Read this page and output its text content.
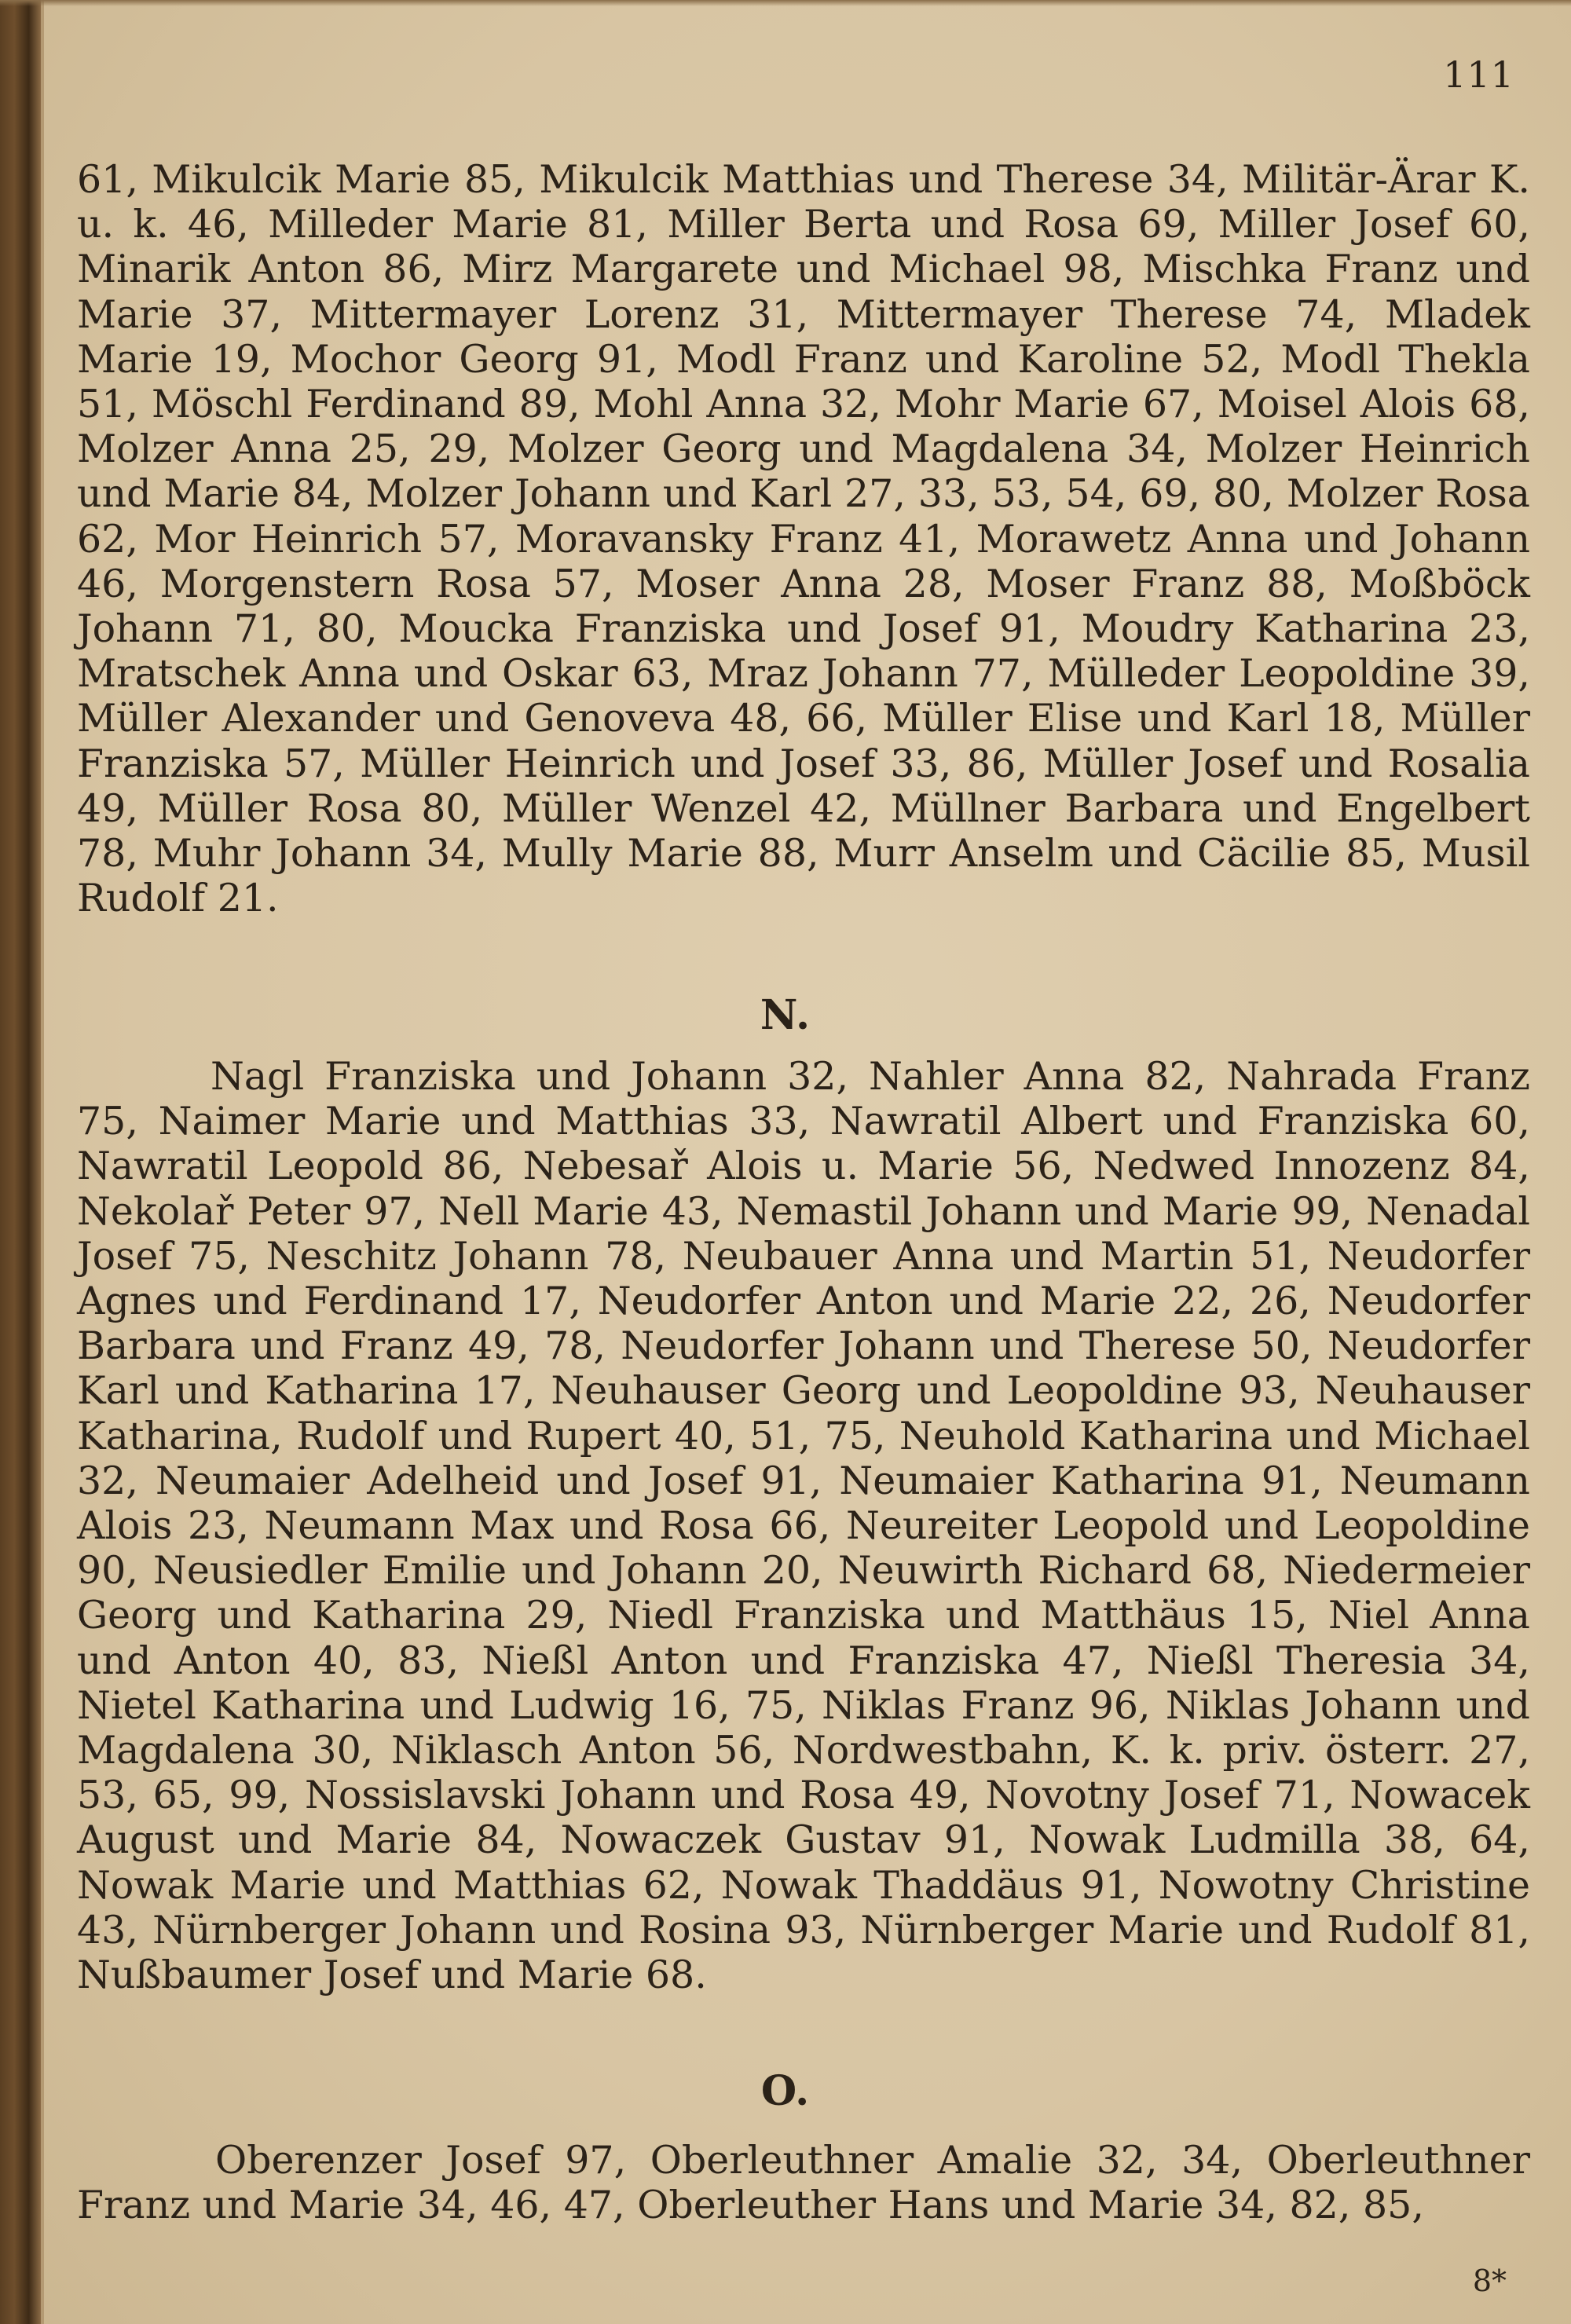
111

61, Mikulcik Marie 85, Mikulcik Matthias und Therese 34, Militär-Ärar K. u. k. 46, Milleder Marie 81, Miller Berta und Rosa 69, Miller Josef 60, Minarik Anton 86, Mirz Margarete und Michael 98, Mischka Franz und Marie 37, Mittermayer Lorenz 31, Mittermayer Therese 74, Mladek Marie 19, Mochor Georg 91, Modl Franz und Karoline 52, Modl Thekla 51, Möschl Ferdinand 89, Mohl Anna 32, Mohr Marie 67, Moisel Alois 68, Molzer Anna 25, 29, Molzer Georg und Magdalena 34, Molzer Heinrich und Marie 84, Molzer Johann und Karl 27, 33, 53, 54, 69, 80, Molzer Rosa 62, Mor Heinrich 57, Moravansky Franz 41, Morawetz Anna und Johann 46, Morgenstern Rosa 57, Moser Anna 28, Moser Franz 88, Moßböck Johann 71, 80, Moucka Franziska und Josef 91, Moudry Katharina 23, Mratschek Anna und Oskar 63, Mraz Johann 77, Mülleder Leopoldine 39, Müller Alexander und Genoveva 48, 66, Müller Elise und Karl 18, Müller Franziska 57, Müller Heinrich und Josef 33, 86, Müller Josef und Rosalia 49, Müller Rosa 80, Müller Wenzel 42, Müllner Barbara und Engelbert 78, Muhr Johann 34, Mully Marie 88, Murr Anselm und Cäcilie 85, Musil Rudolf 21.

N.

Nagl Franziska und Johann 32, Nahler Anna 82, Nahrada Franz 75, Naimer Marie und Matthias 33, Nawratil Albert und Franziska 60, Nawratil Leopold 86, Nebesař Alois u. Marie 56, Nedwed Innozenz 84, Nekolař Peter 97, Nell Marie 43, Nemastil Johann und Marie 99, Nenadal Josef 75, Neschitz Johann 78, Neubauer Anna und Martin 51, Neudorfer Agnes und Ferdinand 17, Neudorfer Anton und Marie 22, 26, Neudorfer Barbara und Franz 49, 78, Neudorfer Johann und Therese 50, Neudorfer Karl und Katharina 17, Neuhauser Georg und Leopoldine 93, Neuhauser Katharina, Rudolf und Rupert 40, 51, 75, Neuhold Katharina und Michael 32, Neumaier Adelheid und Josef 91, Neumaier Katharina 91, Neumann Alois 23, Neumann Max und Rosa 66, Neureiter Leopold und Leopoldine 90, Neusiedler Emilie und Johann 20, Neuwirth Richard 68, Niedermeier Georg und Katharina 29, Niedl Franziska und Matthäus 15, Niel Anna und Anton 40, 83, Nießl Anton und Franziska 47, Nießl Theresia 34, Nietel Katharina und Ludwig 16, 75, Niklas Franz 96, Niklas Johann und Magdalena 30, Niklasch Anton 56, Nordwestbahn, K. k. priv. österr. 27, 53, 65, 99, Nossislavski Johann und Rosa 49, Novotny Josef 71, Nowacek August und Marie 84, Nowaczek Gustav 91, Nowak Ludmilla 38, 64, Nowak Marie und Matthias 62, Nowak Thaddäus 91, Nowotny Christine 43, Nürnberger Johann und Rosina 93, Nürnberger Marie und Rudolf 81, Nußbaumer Josef und Marie 68.

O.

Oberenzer Josef 97, Oberleuthner Amalie 32, 34, Oberleuthner Franz und Marie 34, 46, 47, Oberleuther Hans und Marie 34, 82, 85,

8*
